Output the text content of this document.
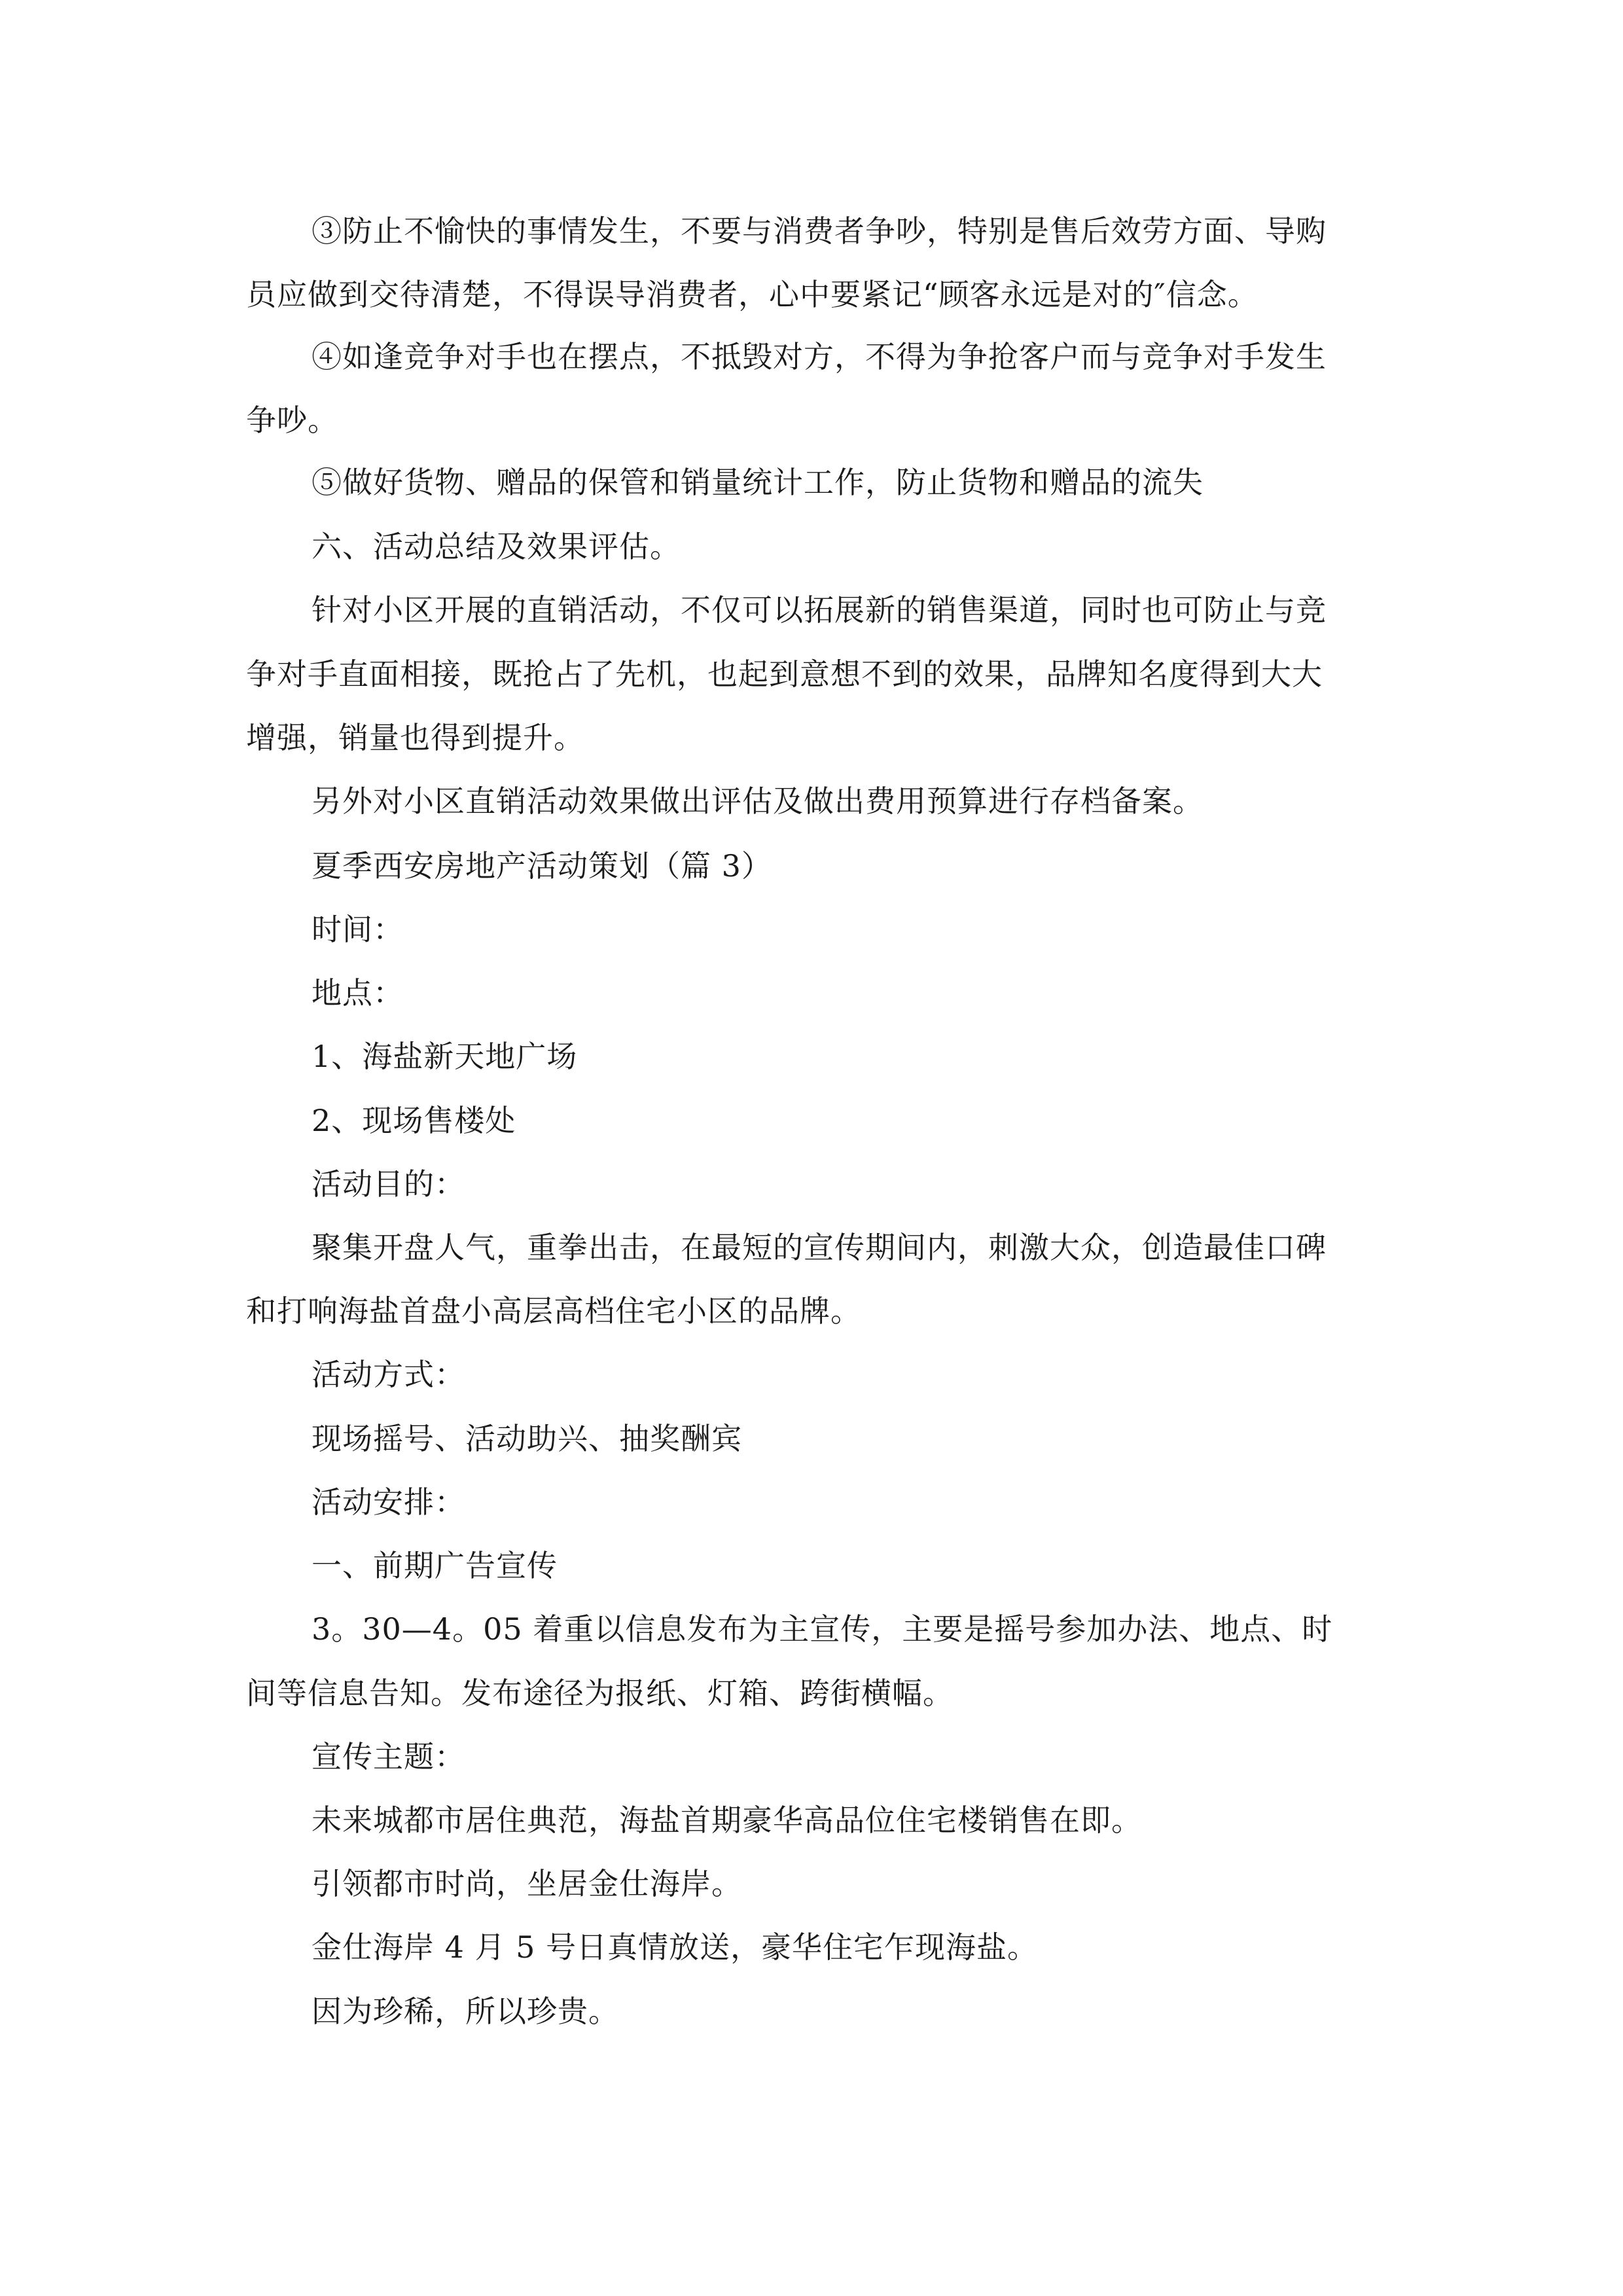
③防止不愉快的事情发生，不要与消费者争吵，特别是售后效劳方面、导购
员应做到交待清楚，不得误导消费者，心中要紧记“顾客永远是对的″信念。
④如逢竞争对手也在摆点，不抵毁对方，不得为争抢客户而与竞争对手发生
争吵。
⑤做好货物、赠品的保管和销量统计工作，防止货物和赠品的流失
六、活动总结及效果评估。
针对小区开展的直销活动，不仅可以拓展新的销售渠道，同时也可防止与竞
争对手直面相接，既抢占了先机，也起到意想不到的效果，品牌知名度得到大大
增强，销量也得到提升。
另外对小区直销活动效果做出评估及做出费用预算进行存档备案。
夏季西安房地产活动策划（篇 3）
时间：
地点：
1、海盐新天地广场
2、现场售楼处
活动目的：
聚集开盘人气，重拳出击，在最短的宣传期间内，刺激大众，创造最佳口碑
和打响海盐首盘小高层高档住宅小区的品牌。
活动方式：
现场摇号、活动助兴、抽奖酬宾
活动安排：
一、前期广告宣传
3。30—4。05 着重以信息发布为主宣传，主要是摇号参加办法、地点、时
间等信息告知。发布途径为报纸、灯箱、跨街横幅。
宣传主题：
未来城都市居住典范，海盐首期豪华高品位住宅楼销售在即。
引领都市时尚，坐居金仕海岸。
金仕海岸 4 月 5 号日真情放送，豪华住宅乍现海盐。
因为珍稀，所以珍贵。
